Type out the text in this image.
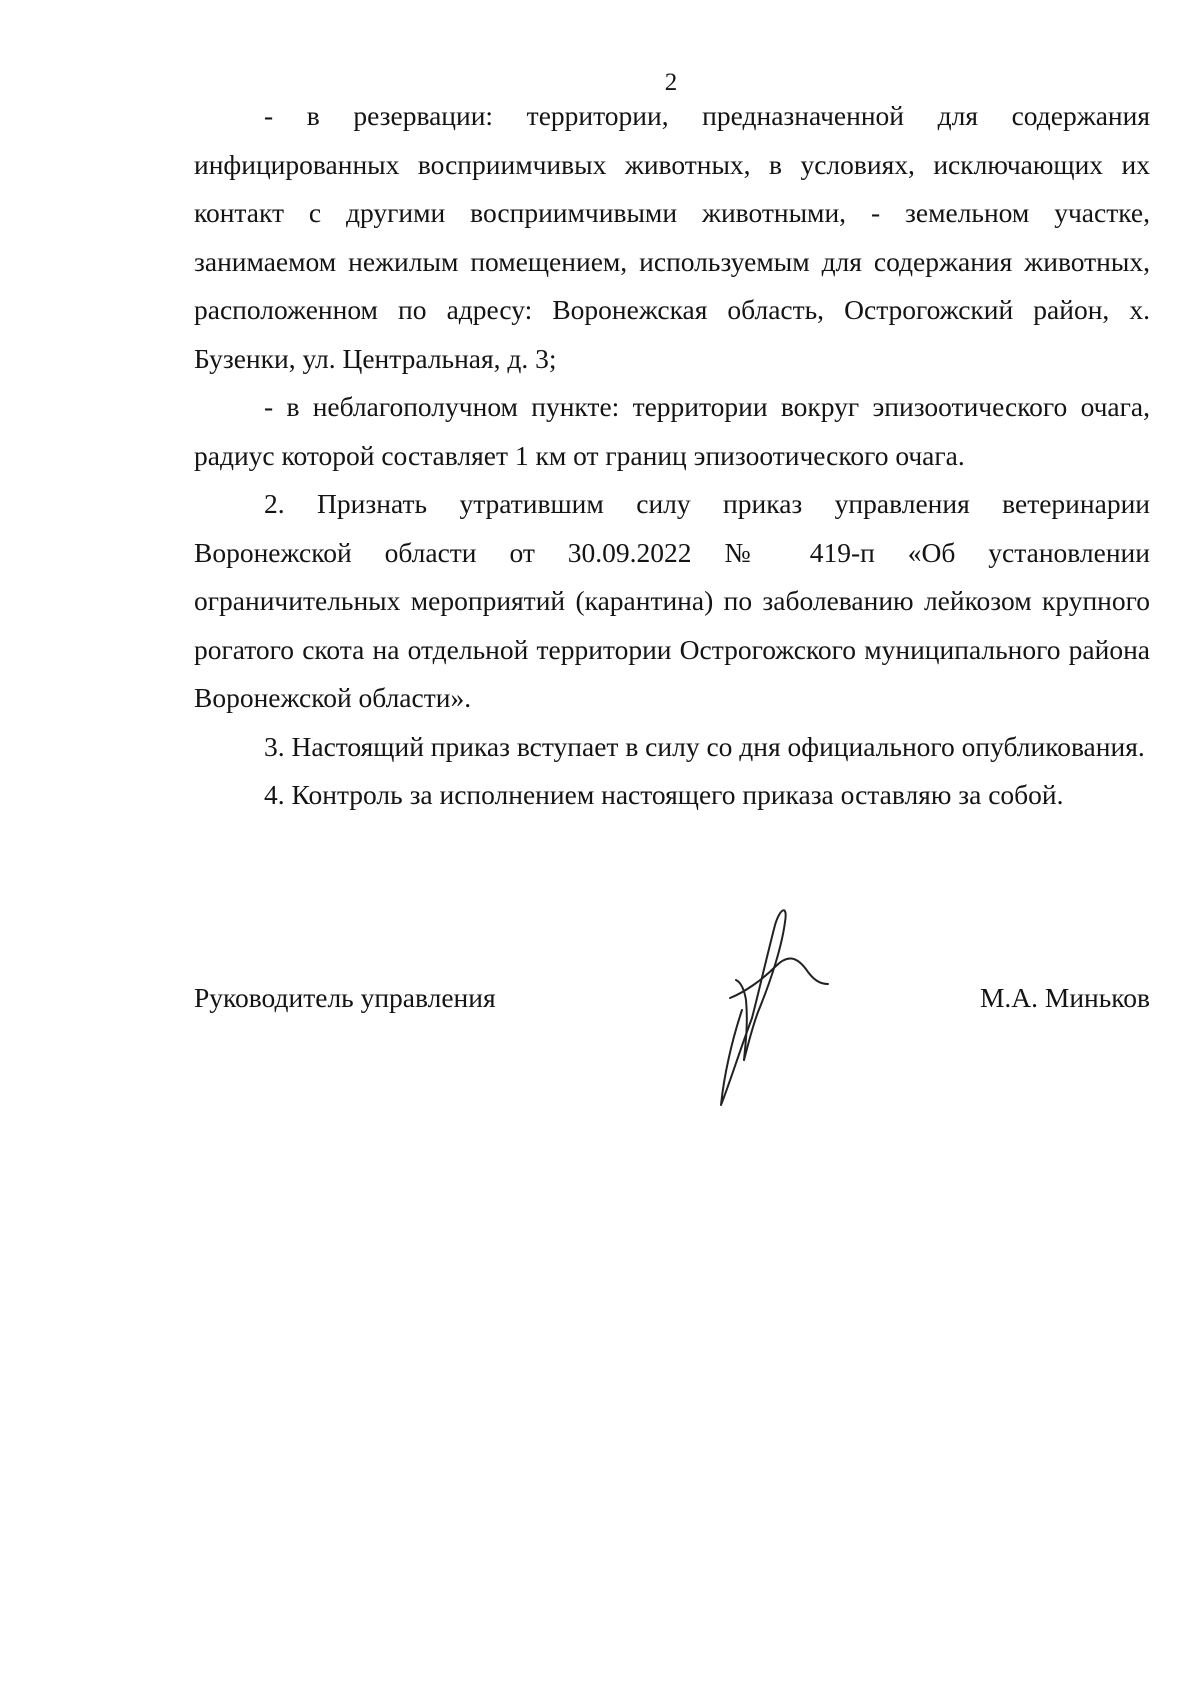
2

- в резервации: территории, предназначенной для содержания инфицированных восприимчивых животных, в условиях, исключающих их контакт с другими восприимчивыми животными, - земельном участке, занимаемом нежилым помещением, используемым для содержания животных, расположенном по адресу: Воронежская область, Острогожский район, х. Бузенки, ул. Центральная, д. 3;

- в неблагополучном пункте: территории вокруг эпизоотического очага, радиус которой составляет 1 км от границ эпизоотического очага.

2. Признать утратившим силу приказ управления ветеринарии Воронежской области от 30.09.2022 № 419-п «Об установлении ограничительных мероприятий (карантина) по заболеванию лейкозом крупного рогатого скота на отдельной территории Острогожского муниципального района Воронежской области».

3. Настоящий приказ вступает в силу со дня официального опубликования.

4. Контроль за исполнением настоящего приказа оставляю за собой.

Руководитель управления	М.А. Миньков
